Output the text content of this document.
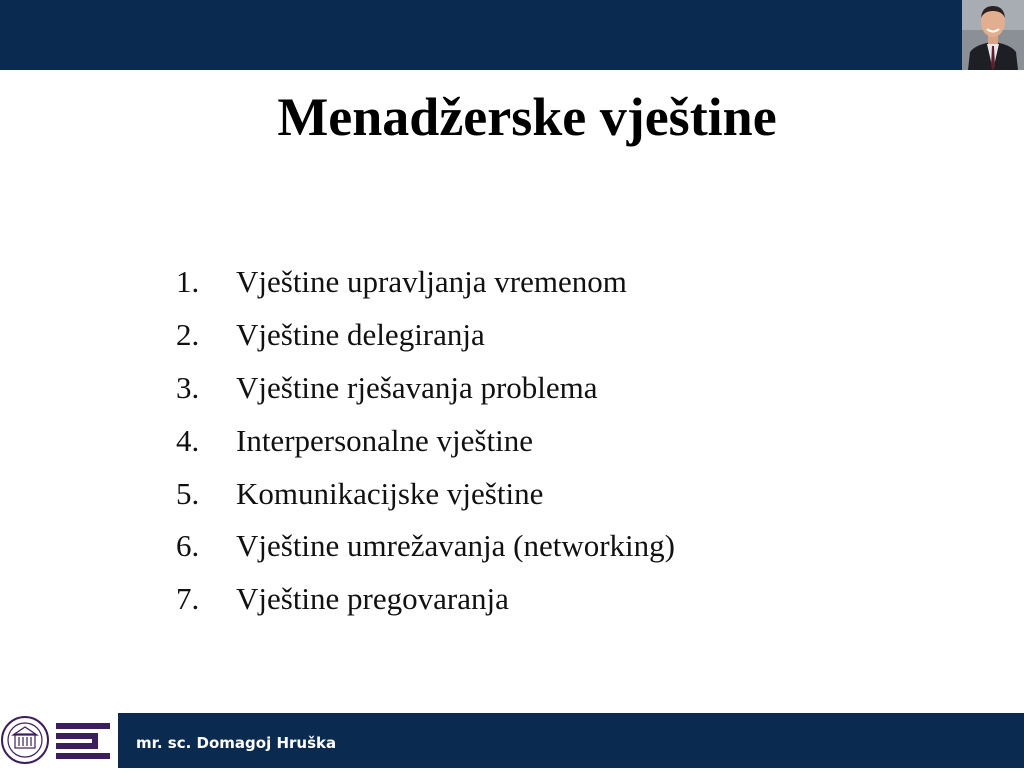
Menadžerske vještine
1.	Vještine upravljanja vremenom
2.	Vještine delegiranja
3.	Vještine rješavanja problema
4.	Interpersonalne vještine
5.	Komunikacijske vještine
6.	Vještine umrežavanja (networking)
7.	Vještine pregovaranja
mr. sc. Domagoj Hruška
